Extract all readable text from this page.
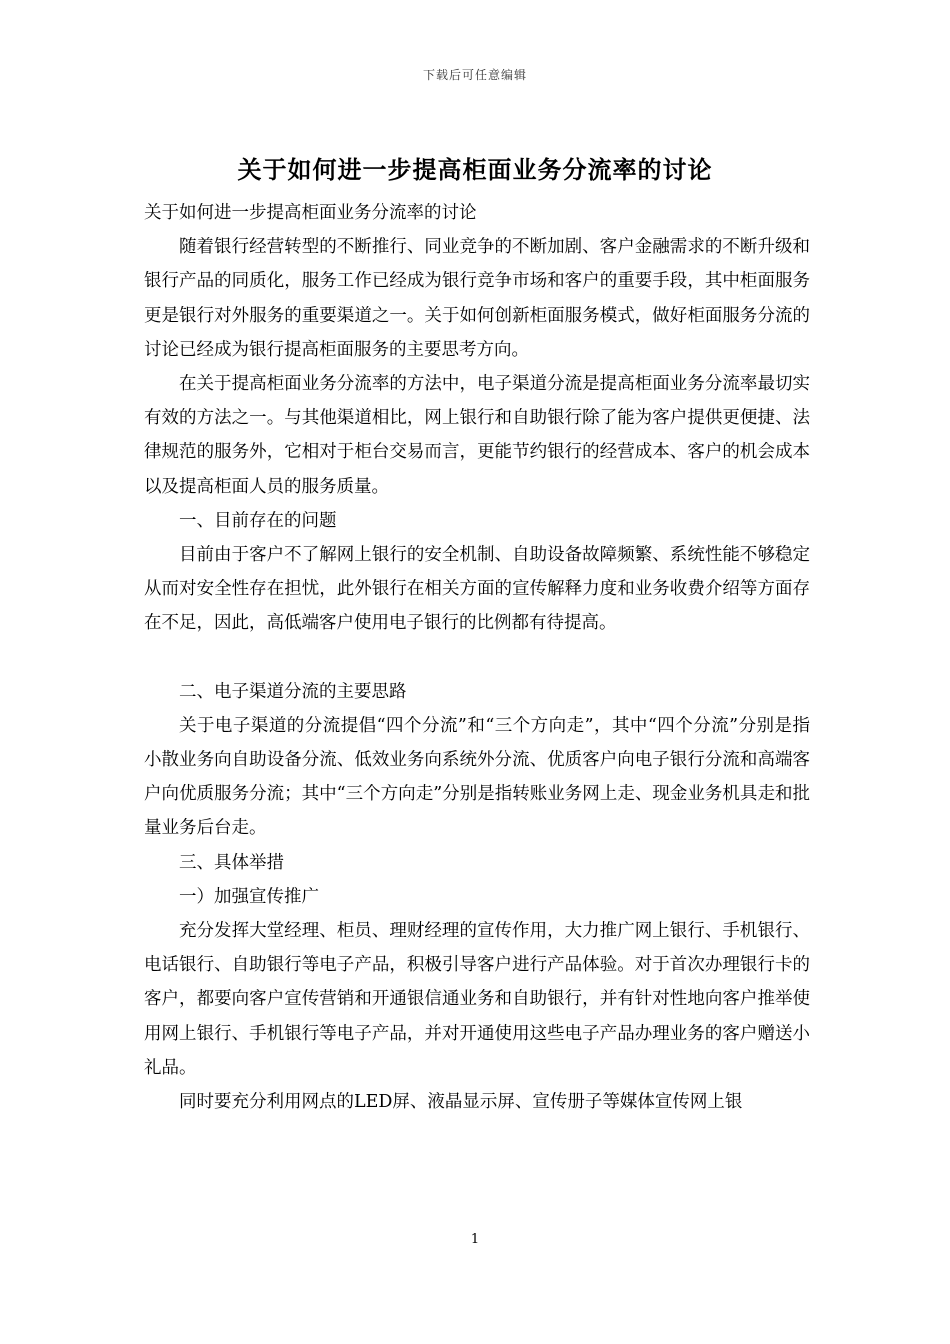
下载后可任意编辑
关于如何进一步提高柜面业务分流率的讨论

关于如何进一步提高柜面业务分流率的讨论

随着银行经营转型的不断推行、同业竞争的不断加剧、客户金融需求的不断升级和银行产品的同质化，服务工作已经成为银行竞争市场和客户的重要手段，其中柜面服务更是银行对外服务的重要渠道之一。关于如何创新柜面服务模式，做好柜面服务分流的讨论已经成为银行提高柜面服务的主要思考方向。

在关于提高柜面业务分流率的方法中，电子渠道分流是提高柜面业务分流率最切实有效的方法之一。与其他渠道相比，网上银行和自助银行除了能为客户提供更便捷、法律规范的服务外，它相对于柜台交易而言，更能节约银行的经营成本、客户的机会成本以及提高柜面人员的服务质量。

一、目前存在的问题

目前由于客户不了解网上银行的安全机制、自助设备故障频繁、系统性能不够稳定从而对安全性存在担忧，此外银行在相关方面的宣传解释力度和业务收费介绍等方面存在不足，因此，高低端客户使用电子银行的比例都有待提高。

二、电子渠道分流的主要思路

关于电子渠道的分流提倡“四个分流”和“三个方向走”，其中“四个分流”分别是指小散业务向自助设备分流、低效业务向系统外分流、优质客户向电子银行分流和高端客户向优质服务分流；其中“三个方向走”分别是指转账业务网上走、现金业务机具走和批量业务后台走。

三、具体举措

一）加强宣传推广

充分发挥大堂经理、柜员、理财经理的宣传作用，大力推广网上银行、手机银行、电话银行、自助银行等电子产品，积极引导客户进行产品体验。对于首次办理银行卡的客户，都要向客户宣传营销和开通银信通业务和自助银行，并有针对性地向客户推举使用网上银行、手机银行等电子产品，并对开通使用这些电子产品办理业务的客户赠送小礼品。

同时要充分利用网点的LED屏、液晶显示屏、宣传册子等媒体宣传网上银

1
